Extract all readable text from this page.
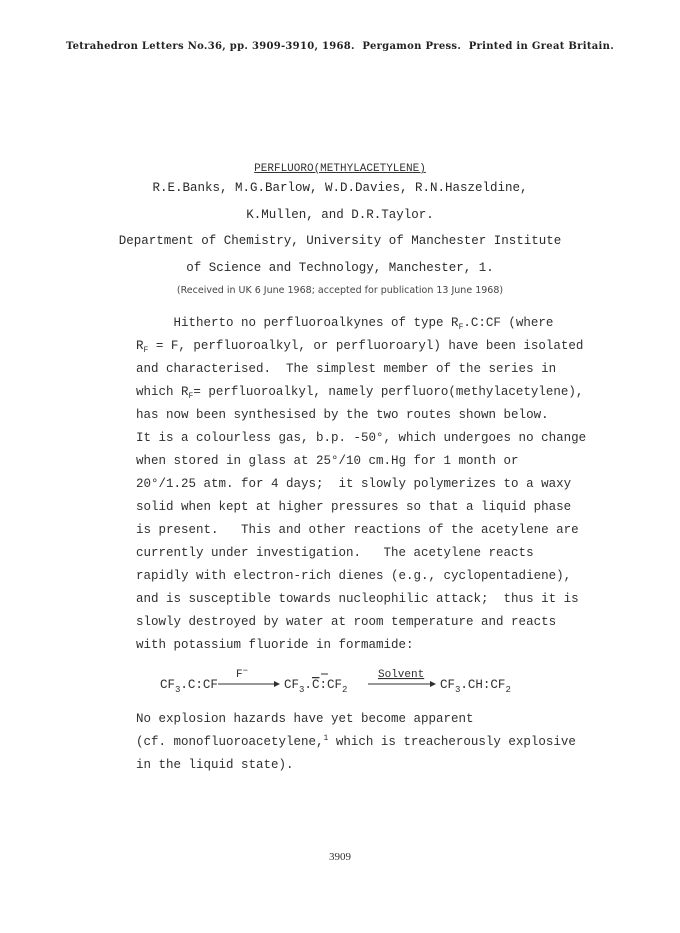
Tetrahedron Letters No.36, pp. 3909-3910, 1968.  Pergamon Press.  Printed in Great Britain.
PERFLUORO(METHYLACETYLENE)
R.E.Banks, M.G.Barlow, W.D.Davies, R.N.Haszeldine,
K.Mullen, and D.R.Taylor.
Department of Chemistry, University of Manchester Institute
of Science and Technology, Manchester, 1.
(Received in UK 6 June 1968; accepted for publication 13 June 1968)
Hitherto no perfluoroalkynes of type $R_F.C:CF$ (where
$R_F = F$, perfluoroalkyl, or perfluoroaryl) have been isolated
and characterised.  The simplest member of the series in
which $R_F=$ perfluoroalkyl, namely perfluoro(methylacetylene),
has now been synthesised by the two routes shown below.
It is a colourless gas, b.p. -50°, which undergoes no change
when stored in glass at 25°/10 cm.Hg for 1 month or
20°/1.25 atm. for 4 days;  it slowly polymerizes to a waxy
solid when kept at higher pressures so that a liquid phase
is present.   This and other reactions of the acetylene are
currently under investigation.   The acetylene reacts
rapidly with electron-rich dienes (e.g., cyclopentadiene),
and is susceptible towards nucleophilic attack;  thus it is
slowly destroyed by water at room temperature and reacts
with potassium fluoride in formamide:
$CF_3.C:CF$
F−
$CF_3.C:CF_2$
Solvent
$CF_3.CH:CF_2$
No explosion hazards have yet become apparent
(cf. monofluoroacetylene,$^1$ which is treacherously explosive
in the liquid state).
3909
